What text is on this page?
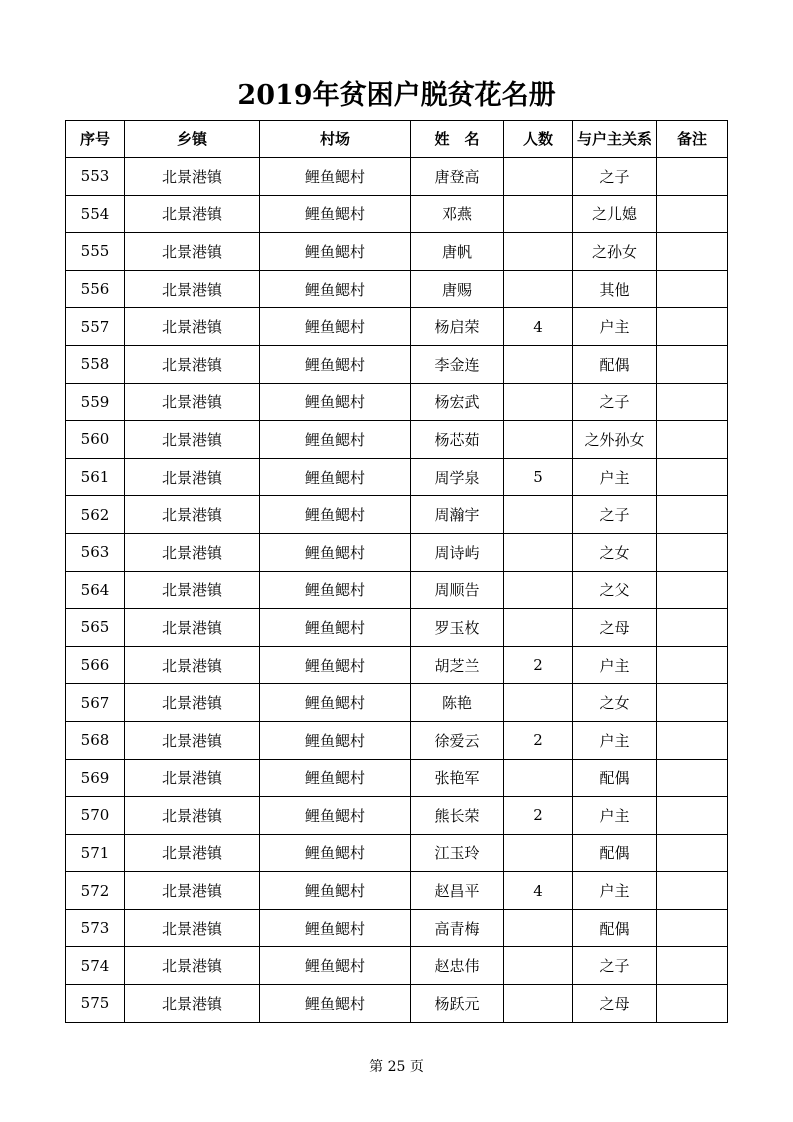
2019年贫困户脱贫花名册
序号	乡镇	村场	姓　名	人数	与户主关系	备注
553	北景港镇	鲤鱼鳃村	唐登高		之子	
554	北景港镇	鲤鱼鳃村	邓燕		之儿媳	
555	北景港镇	鲤鱼鳃村	唐帆		之孙女	
556	北景港镇	鲤鱼鳃村	唐赐		其他	
557	北景港镇	鲤鱼鳃村	杨启荣	4	户主	
558	北景港镇	鲤鱼鳃村	李金连		配偶	
559	北景港镇	鲤鱼鳃村	杨宏武		之子	
560	北景港镇	鲤鱼鳃村	杨芯茹		之外孙女	
561	北景港镇	鲤鱼鳃村	周学泉	5	户主	
562	北景港镇	鲤鱼鳃村	周瀚宇		之子	
563	北景港镇	鲤鱼鳃村	周诗屿		之女	
564	北景港镇	鲤鱼鳃村	周顺告		之父	
565	北景港镇	鲤鱼鳃村	罗玉枚		之母	
566	北景港镇	鲤鱼鳃村	胡芝兰	2	户主	
567	北景港镇	鲤鱼鳃村	陈艳		之女	
568	北景港镇	鲤鱼鳃村	徐爱云	2	户主	
569	北景港镇	鲤鱼鳃村	张艳军		配偶	
570	北景港镇	鲤鱼鳃村	熊长荣	2	户主	
571	北景港镇	鲤鱼鳃村	江玉玲		配偶	
572	北景港镇	鲤鱼鳃村	赵昌平	4	户主	
573	北景港镇	鲤鱼鳃村	高青梅		配偶	
574	北景港镇	鲤鱼鳃村	赵忠伟		之子	
575	北景港镇	鲤鱼鳃村	杨跃元		之母	
第 25 页
